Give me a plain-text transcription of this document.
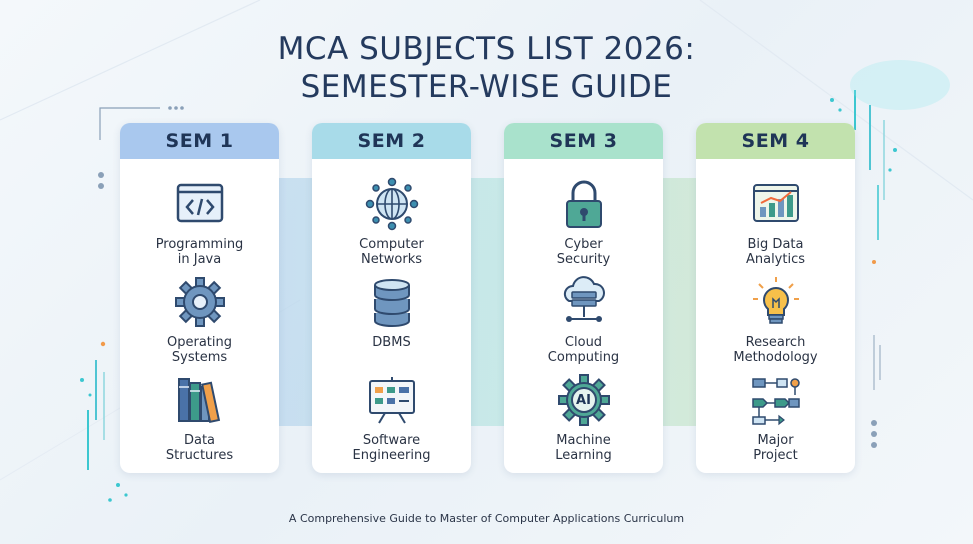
MCA SUBJECTS LIST 2026:
SEMESTER-WISE GUIDE
SEM 1
Programming
in Java
Operating
Systems
Data
Structures
SEM 2
Computer
Networks
DBMS
Software
Engineering
SEM 3
Cyber
Security
Cloud
Computing
AI
Machine
Learning
SEM 4
Big Data
Analytics
Research
Methodology
Major
Project
A Comprehensive Guide to Master of Computer Applications Curriculum
